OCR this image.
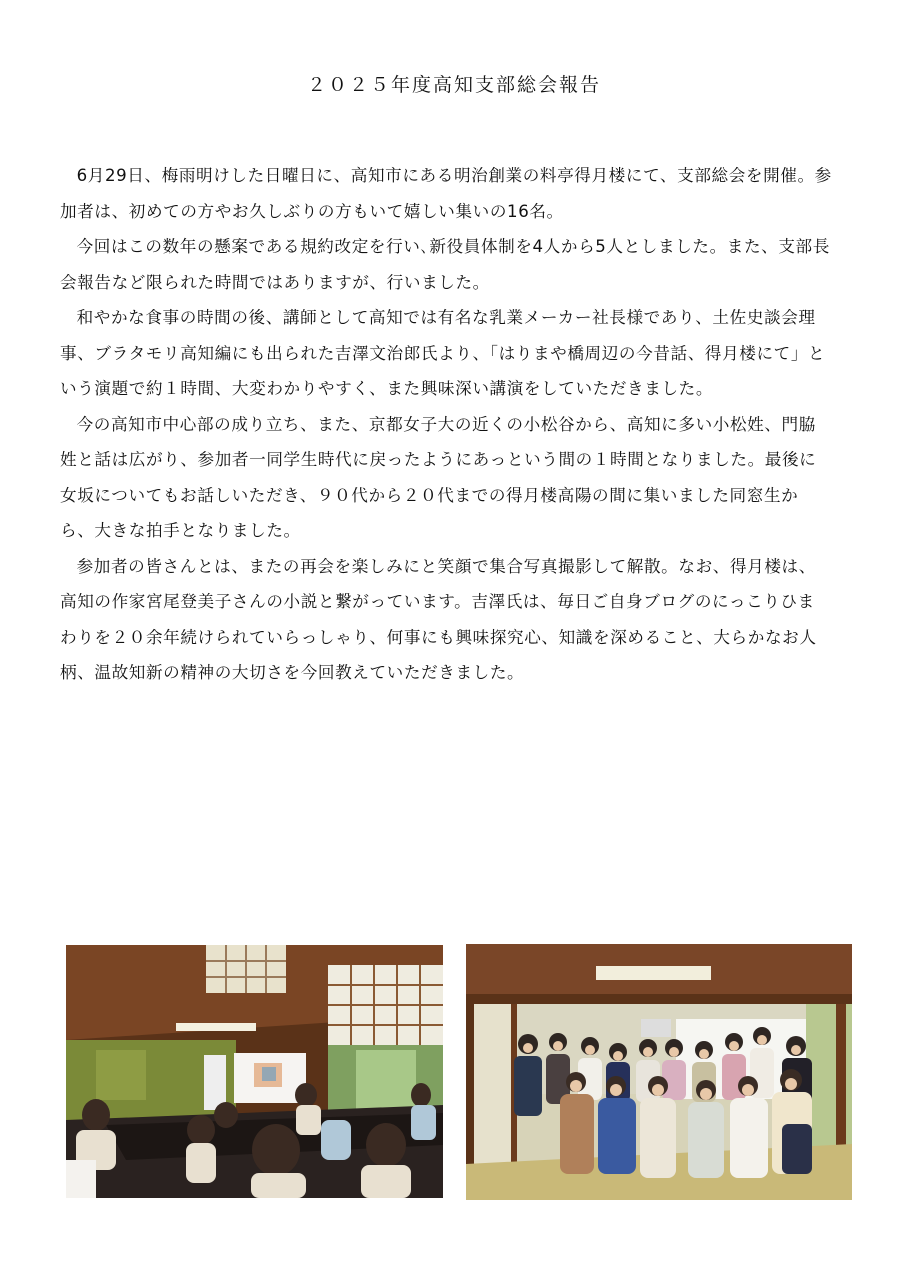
２０２５年度高知支部総会報告

6月29日、梅雨明けした日曜日に、高知市にある明治創業の料亭得月楼にて、支部総会を開催。参加者は、初めての方やお久しぶりの方もいて嬉しい集いの16名。

今回はこの数年の懸案である規約改定を行い､新役員体制を4人から5人としました。また、支部長会報告など限られた時間ではありますが、行いました。

和やかな食事の時間の後、講師として高知では有名な乳業メーカー社長様であり、土佐史談会理事、ブラタモリ高知編にも出られた吉澤文治郎氏より、「はりまや橋周辺の今昔話、得月楼にて」という演題で約１時間、大変わかりやすく、また興味深い講演をしていただきました。

今の高知市中心部の成り立ち、また、京都女子大の近くの小松谷から、高知に多い小松姓、門脇姓と話は広がり、参加者一同学生時代に戻ったようにあっという間の１時間となりました。最後に女坂についてもお話しいただき、９０代から２０代までの得月楼高陽の間に集いました同窓生から、大きな拍手となりました。

参加者の皆さんとは、またの再会を楽しみにと笑顔で集合写真撮影して解散。なお、得月楼は、高知の作家宮尾登美子さんの小説と繋がっています。吉澤氏は、毎日ご自身ブログのにっこりひまわりを２０余年続けられていらっしゃり、何事にも興味探究心、知識を深めること、大らかなお人柄、温故知新の精神の大切さを今回教えていただきました。
